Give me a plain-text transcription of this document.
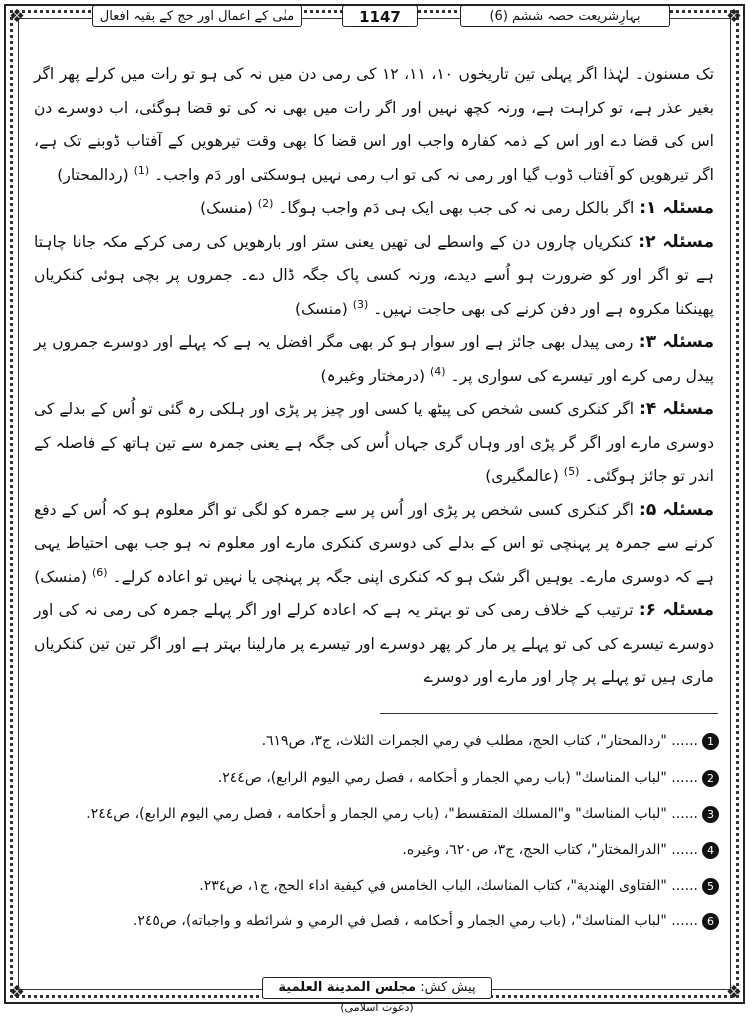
❖	❖
❖	❖
منٰی کے اعمال اور حج کے بقیہ افعال	1147	بہارِشریعت حصہ ششم (6)

تک مسنون۔ لہٰذا اگر پہلی تین تاریخوں ۱۰، ۱۱، ۱۲ کی رمی دن میں نہ کی ہو تو رات میں کرلے پھر اگر بغیر عذر ہے، تو کراہت ہے، ورنہ کچھ نہیں اور اگر رات میں بھی نہ کی تو قضا ہوگئی، اب دوسرے دن اس کی قضا دے اور اس کے ذمہ کفارہ واجب اور اس قضا کا بھی وقت تیرھویں کے آفتاب ڈوبنے تک ہے، اگر تیرھویں کو آفتاب ڈوب گیا اور رمی نہ کی تو اب رمی نہیں ہوسکتی اور دَم واجب۔ $^{(1)}$ (ردالمحتار)

مسئلہ ۱: اگر بالکل رمی نہ کی جب بھی ایک ہی دَم واجب ہوگا۔ $^{(2)}$ (منسک)

مسئلہ ۲: کنکریاں چاروں دن کے واسطے لی تھیں یعنی ستر اور بارھویں کی رمی کرکے مکہ جانا چاہتا ہے تو اگر اور کو ضرورت ہو اُسے دیدے، ورنہ کسی پاک جگہ ڈال دے۔ جمروں پر بچی ہوئی کنکریاں پھینکنا مکروہ ہے اور دفن کرنے کی بھی حاجت نہیں۔ $^{(3)}$ (منسک)

مسئلہ ۳: رمی پیدل بھی جائز ہے اور سوار ہو کر بھی مگر افضل یہ ہے کہ پہلے اور دوسرے جمروں پر پیدل رمی کرے اور تیسرے کی سواری پر۔ $^{(4)}$ (درمختار وغیرہ)

مسئلہ ۴: اگر کنکری کسی شخص کی پیٹھ یا کسی اور چیز پر پڑی اور ہلکی رہ گئی تو اُس کے بدلے کی دوسری مارے اور اگر گر پڑی اور وہاں گری جہاں اُس کی جگہ ہے یعنی جمرہ سے تین ہاتھ کے فاصلہ کے اندر تو جائز ہوگئی۔ $^{(5)}$ (عالمگیری)

مسئلہ ۵: اگر کنکری کسی شخص پر پڑی اور اُس پر سے جمرہ کو لگی تو اگر معلوم ہو کہ اُس کے دفع کرنے سے جمرہ پر پہنچی تو اس کے بدلے کی دوسری کنکری مارے اور معلوم نہ ہو جب بھی احتیاط یہی ہے کہ دوسری مارے۔ یوہیں اگر شک ہو کہ کنکری اپنی جگہ پر پہنچی یا نہیں تو اعادہ کرلے۔ $^{(6)}$ (منسک)

مسئلہ ۶: ترتیب کے خلاف رمی کی تو بہتر یہ ہے کہ اعادہ کرلے اور اگر پہلے جمرہ کی رمی نہ کی اور دوسرے تیسرے کی کی تو پہلے پر مار کر پھر دوسرے اور تیسرے پر مارلینا بہتر ہے اور اگر تین تین کنکریاں ماری ہیں تو پہلے پر چار اور مارے اور دوسرے

1
...... "ردالمحتار"، كتاب الحج، مطلب في رمي الجمرات الثلاث، ج٣، ص٦١٩.
2
...... "لباب المناسك" (باب رمي الجمار و أحكامه ، فصل رمي اليوم الرابع)، ص٢٤٤.
3
...... "لباب المناسك" و"المسلك المتقسط"، (باب رمي الجمار و أحكامه ، فصل رمي اليوم الرابع)، ص٢٤٤.
4
...... "الدرالمختار"، كتاب الحج، ج٣، ص٦٢٠، وغيره.
5
...... "الفتاوى الهندية"، كتاب المناسك، الباب الخامس في كيفية اداء الحج، ج١، ص٢٣٤.
6
...... "لباب المناسك"، (باب رمي الجمار و أحكامه ، فصل في الرمي و شرائطه و واجباته)، ص٢٤٥.
پیش کش: مجلس المدينة العلمية (دعوت اسلامی)
